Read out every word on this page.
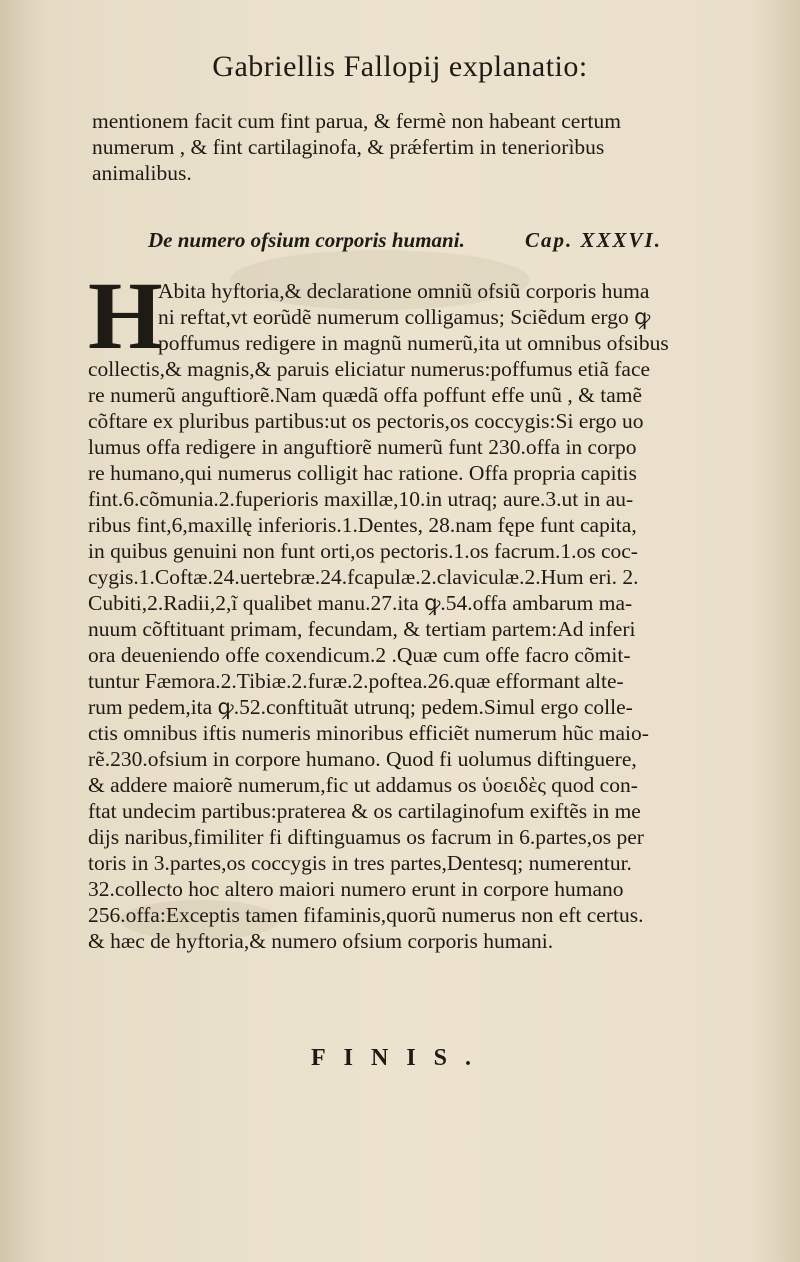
Gabriellis Fallopij explanatio:
mentionem facit cum fint parua, & fermè non habeant certum
numerum , & fint cartilaginofa, & prǽfertim in teneriorìbus
animalibus.
De numero ofsium corporis humani.	Cap. XXXVI.
H
Abita hyftoria,& declaratione omniũ ofsiũ corporis huma
ni reftat,vt eorũdẽ numerum colligamus; Sciẽdum ergo ꝙ
poffumus redigere in magnũ numerũ,ita ut omnibus ofsibus
collectis,& magnis,& paruis eliciatur numerus:poffumus etiã face
re numerũ anguftiorẽ.Nam quædã offa poffunt effe unũ , & tamẽ
cõftare ex pluribus partibus:ut os pectoris,os coccygis:Si ergo uo
lumus offa redigere in anguftiorẽ numerũ funt 230.offa in corpo
re humano,qui numerus colligit hac ratione. Offa propria capitis
fint.6.cõmunia.2.fuperioris maxillæ,10.in utraq; aure.3.ut in au-
ribus fint,6,maxillę inferioris.1.Dentes, 28.nam fępe funt capita,
in quibus genuini non funt orti,os pectoris.1.os facrum.1.os coc-
cygis.1.Coftæ.24.uertebræ.24.fcapulæ.2.claviculæ.2.Hum eri. 2.
Cubiti,2.Radii,2,ĩ qualibet manu.27.ita ꝙ.54.offa ambarum ma-
nuum cõftituant primam, fecundam, & tertiam partem:Ad inferi
ora deueniendo offe coxendicum.2 .Quæ cum offe facro cõmit-
tuntur Fæmora.2.Tibiæ.2.furæ.2.poftea.26.quæ efformant alte-
rum pedem,ita ꝙ.52.conftituãt utrunq; pedem.Simul ergo colle-
ctis omnibus iftis numeris minoribus efficiẽt numerum hũc maio-
rẽ.230.ofsium in corpore humano. Quod fi uolumus diftinguere,
& addere maiorẽ numerum,fic ut addamus os ὑοειδὲς quod con-
ftat undecim partibus:praterea & os cartilaginofum exiftẽs in me
dijs naribus,fimiliter fi diftinguamus os facrum in 6.partes,os per
toris in 3.partes,os coccygis in tres partes,Dentesq; numerentur.
32.collecto hoc altero maiori numero erunt in corpore humano
256.offa:Exceptis tamen fifaminis,quorũ numerus non eft certus.
& hæc de hyftoria,& numero ofsium corporis humani.
FINIS.
